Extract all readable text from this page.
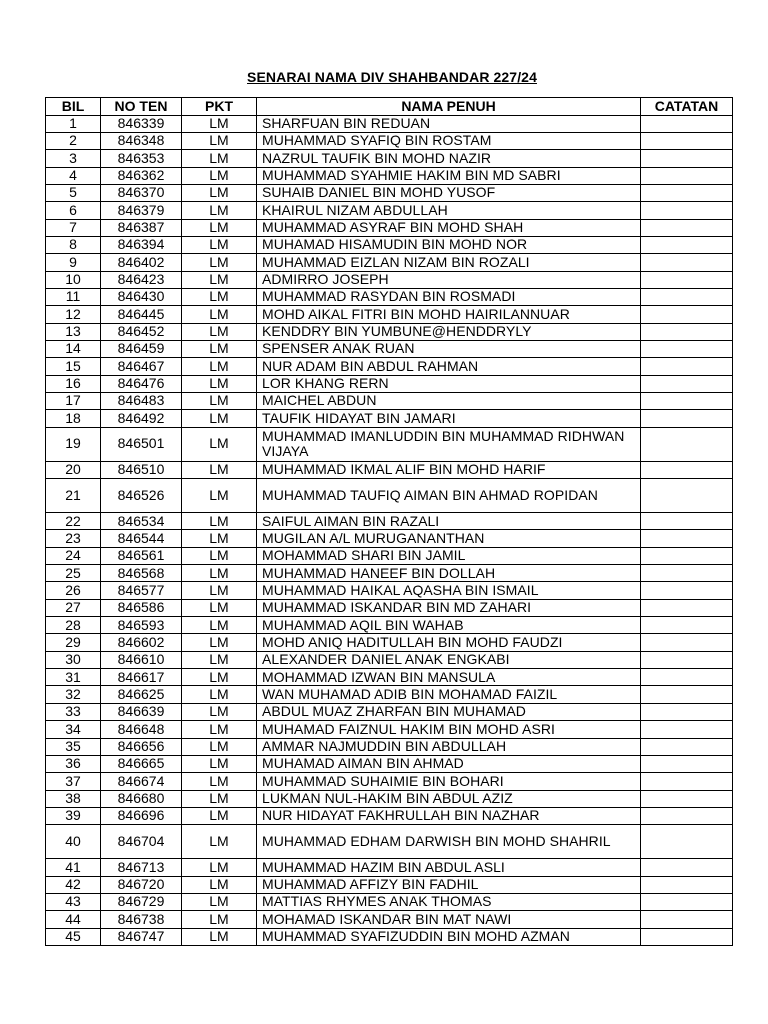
SENARAI NAMA DIV SHAHBANDAR 227/24
BIL	NO TEN	PKT	NAMA PENUH	CATATAN
1	846339	LM	SHARFUAN BIN REDUAN	
2	846348	LM	MUHAMMAD SYAFIQ BIN ROSTAM	
3	846353	LM	NAZRUL TAUFIK BIN MOHD NAZIR	
4	846362	LM	MUHAMMAD SYAHMIE HAKIM BIN MD SABRI	
5	846370	LM	SUHAIB DANIEL BIN MOHD YUSOF	
6	846379	LM	KHAIRUL NIZAM ABDULLAH	
7	846387	LM	MUHAMMAD ASYRAF BIN MOHD SHAH	
8	846394	LM	MUHAMAD HISAMUDIN BIN MOHD NOR	
9	846402	LM	MUHAMMAD EIZLAN NIZAM BIN ROZALI	
10	846423	LM	ADMIRRO JOSEPH	
11	846430	LM	MUHAMMAD RASYDAN BIN ROSMADI	
12	846445	LM	MOHD AIKAL FITRI BIN MOHD HAIRILANNUAR	
13	846452	LM	KENDDRY BIN YUMBUNE@HENDDRYLY	
14	846459	LM	SPENSER ANAK RUAN	
15	846467	LM	NUR ADAM BIN ABDUL RAHMAN	
16	846476	LM	LOR KHANG RERN	
17	846483	LM	MAICHEL ABDUN	
18	846492	LM	TAUFIK HIDAYAT BIN JAMARI	
19	846501	LM	MUHAMMAD IMANLUDDIN BIN MUHAMMAD RIDHWAN VIJAYA	
20	846510	LM	MUHAMMAD IKMAL ALIF BIN MOHD HARIF	
21	846526	LM	MUHAMMAD TAUFIQ AIMAN BIN AHMAD ROPIDAN	
22	846534	LM	SAIFUL AIMAN BIN RAZALI	
23	846544	LM	MUGILAN A/L MURUGANANTHAN	
24	846561	LM	MOHAMMAD SHARI BIN JAMIL	
25	846568	LM	MUHAMMAD HANEEF BIN DOLLAH	
26	846577	LM	MUHAMMAD HAIKAL AQASHA BIN ISMAIL	
27	846586	LM	MUHAMMAD ISKANDAR BIN MD ZAHARI	
28	846593	LM	MUHAMMAD AQIL BIN WAHAB	
29	846602	LM	MOHD ANIQ HADITULLAH BIN MOHD FAUDZI	
30	846610	LM	ALEXANDER DANIEL ANAK ENGKABI	
31	846617	LM	MOHAMMAD IZWAN BIN MANSULA	
32	846625	LM	WAN MUHAMAD ADIB BIN MOHAMAD FAIZIL	
33	846639	LM	ABDUL MUAZ ZHARFAN BIN MUHAMAD	
34	846648	LM	MUHAMAD FAIZNUL HAKIM BIN MOHD ASRI	
35	846656	LM	AMMAR NAJMUDDIN BIN ABDULLAH	
36	846665	LM	MUHAMAD AIMAN BIN AHMAD	
37	846674	LM	MUHAMMAD SUHAIMIE BIN BOHARI	
38	846680	LM	LUKMAN NUL-HAKIM BIN ABDUL AZIZ	
39	846696	LM	NUR HIDAYAT FAKHRULLAH BIN NAZHAR	
40	846704	LM	MUHAMMAD EDHAM DARWISH BIN MOHD SHAHRIL	
41	846713	LM	MUHAMMAD HAZIM BIN ABDUL ASLI	
42	846720	LM	MUHAMMAD AFFIZY BIN FADHIL	
43	846729	LM	MATTIAS RHYMES ANAK THOMAS	
44	846738	LM	MOHAMAD ISKANDAR BIN MAT NAWI	
45	846747	LM	MUHAMMAD SYAFIZUDDIN BIN MOHD AZMAN	
